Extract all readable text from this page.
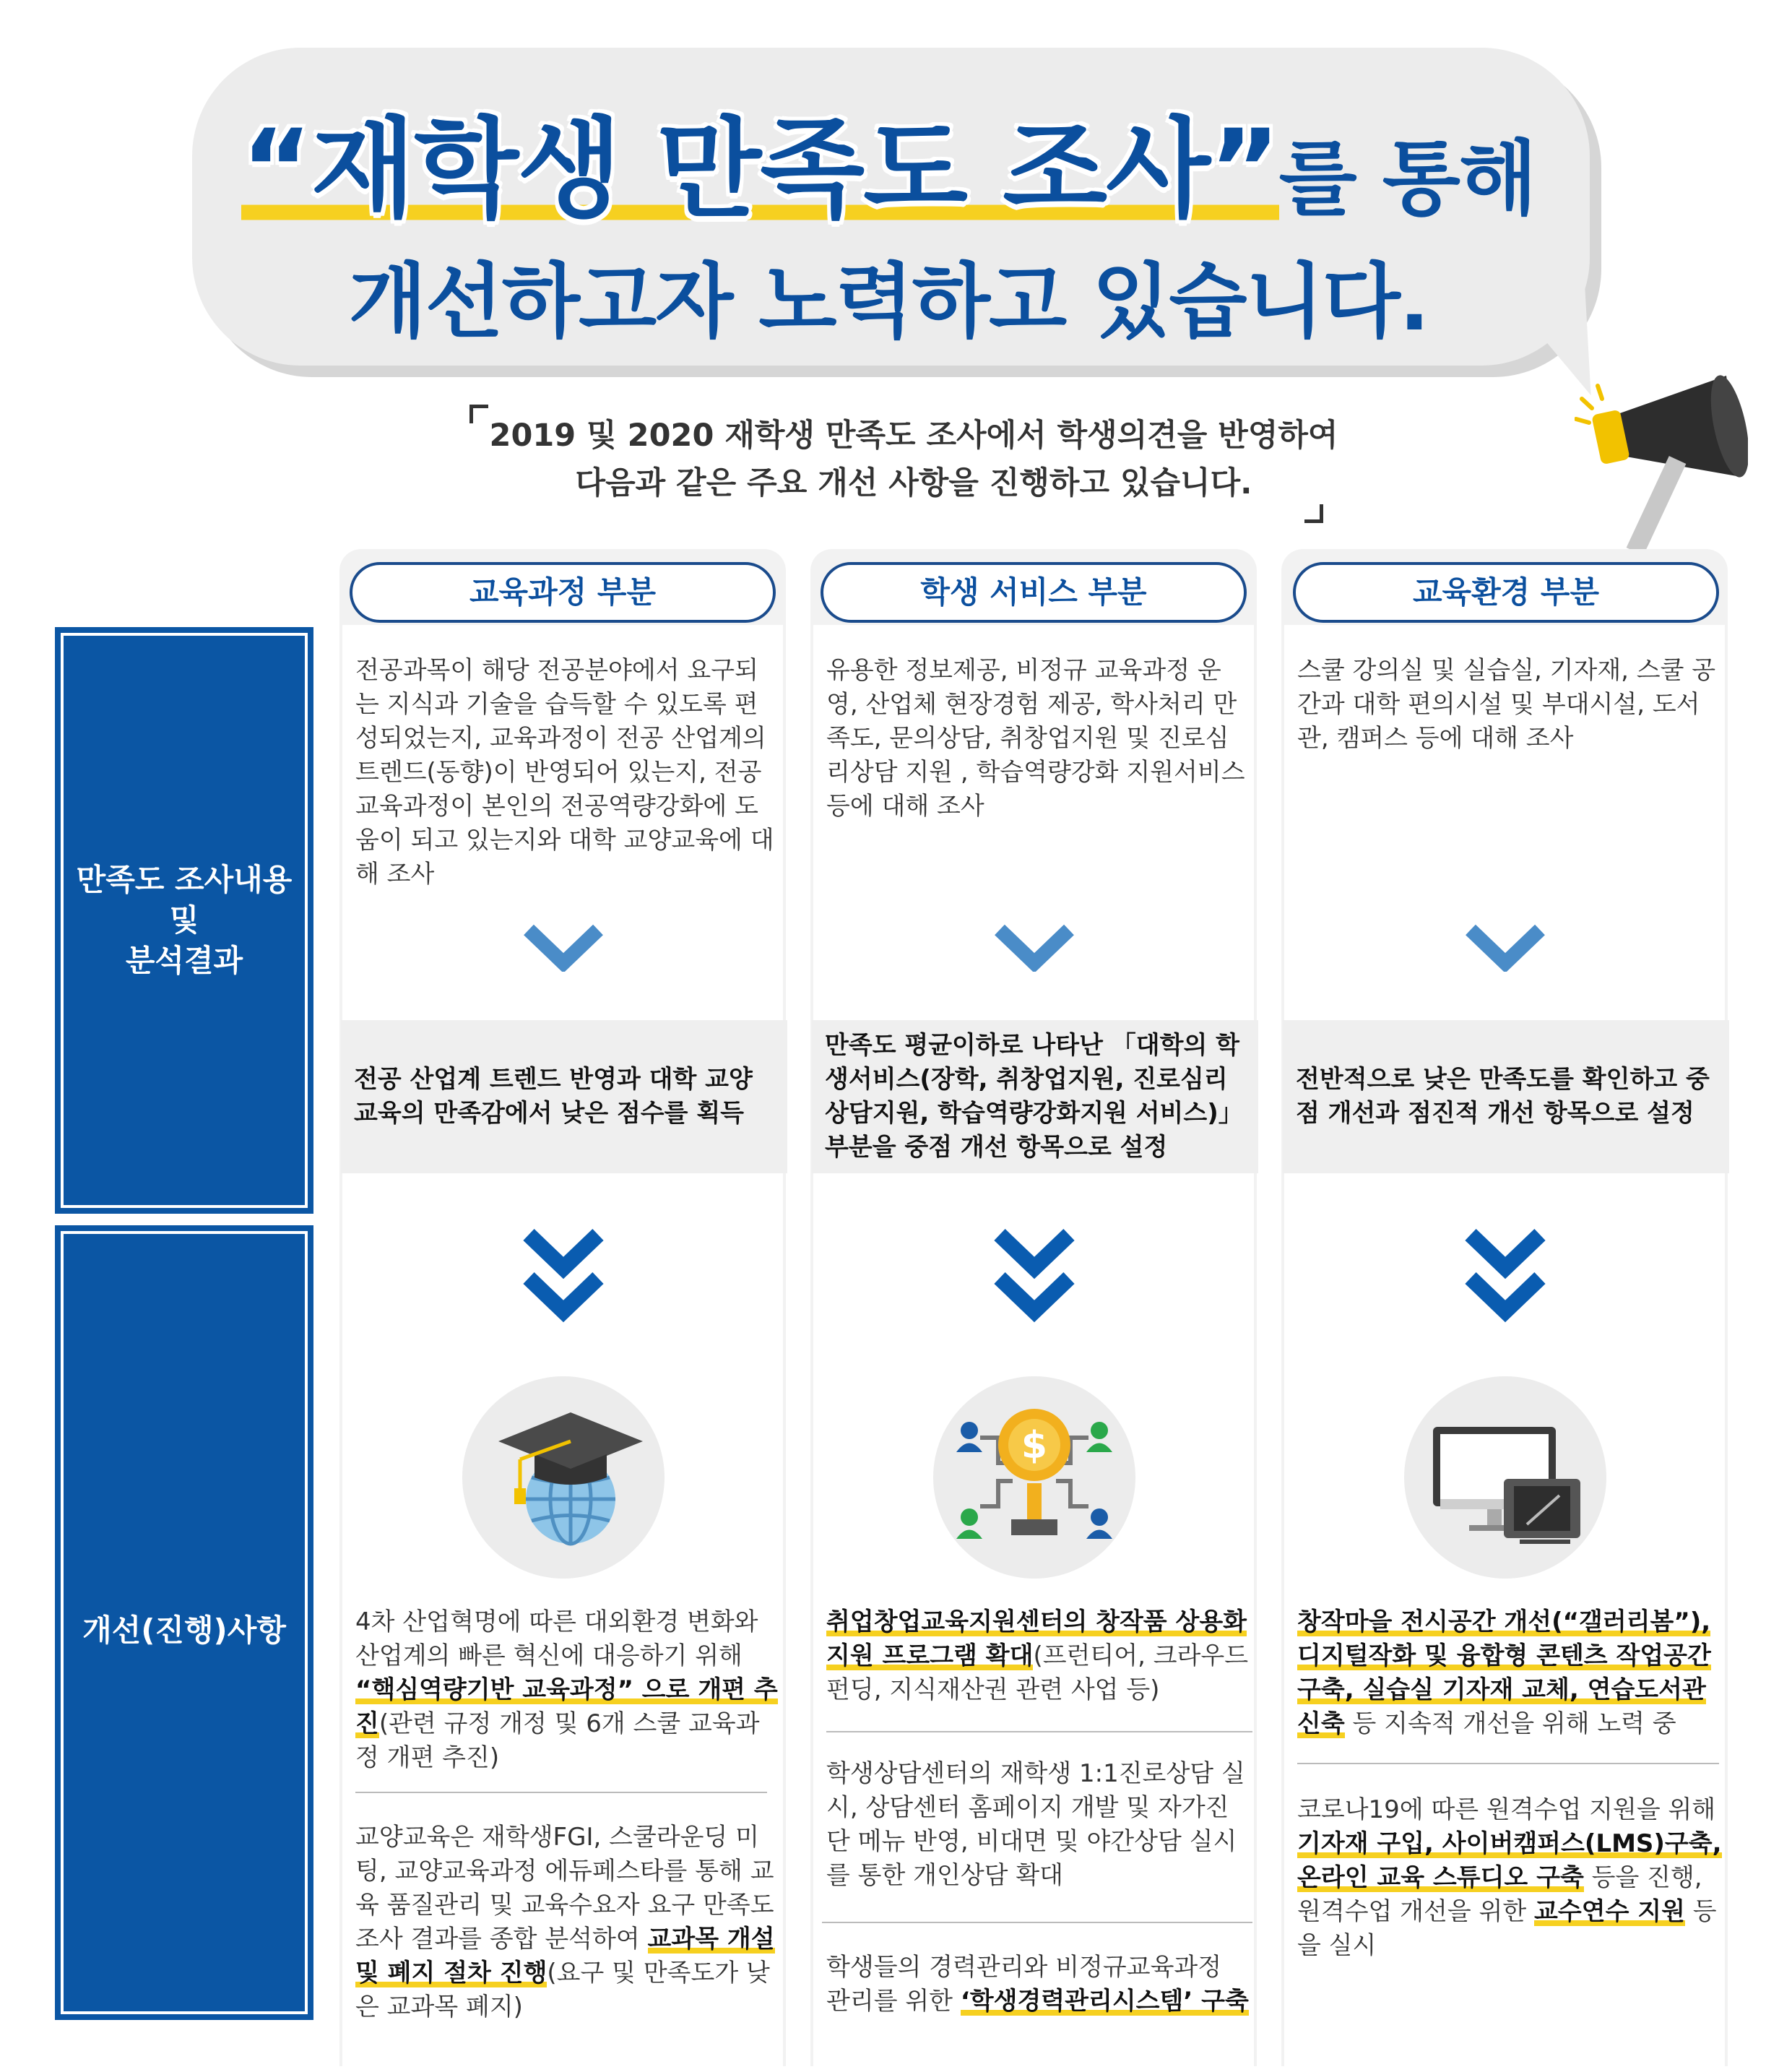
“재학생 만족도 조사”를 통해
개선하고자 노력하고 있습니다.
2019 및 2020 재학생 만족도 조사에서 학생의견을 반영하여
다음과 같은 주요 개선 사항을 진행하고 있습니다.
교육과정 부분	학생 서비스 부분	교육환경 부분
만족도 조사내용
및
분석결과
개선(진행)사항
전공과목이 해당 전공분야에서 요구되는 지식과 기술을 습득할 수 있도록 편성되었는지, 교육과정이 전공 산업계의 트렌드(동향)이 반영되어 있는지, 전공 교육과정이 본인의 전공역량강화에 도움이 되고 있는지와 대학 교양교육에 대해 조사
유용한 정보제공, 비정규 교육과정 운영, 산업체 현장경험 제공, 학사처리 만족도, 문의상담, 취창업지원 및 진로심리상담 지원 , 학습역량강화 지원서비스 등에 대해 조사
스쿨 강의실 및 실습실, 기자재, 스쿨 공간과 대학 편의시설 및 부대시설, 도서관, 캠퍼스 등에 대해 조사
전공 산업계 트렌드 반영과 대학 교양교육의 만족감에서 낮은 점수를 획득
만족도 평균이하로 나타난 「대학의 학생서비스(장학, 취창업지원, 진로심리상담지원, 학습역량강화지원 서비스)」부분을 중점 개선 항목으로 설정
전반적으로 낮은 만족도를 확인하고 중점 개선과 점진적 개선 항목으로 설정
$
4차 산업혁명에 따른 대외환경 변화와 산업계의 빠른 혁신에 대응하기 위해 “핵심역량기반 교육과정” 으로 개편 추진(관련 규정 개정 및 6개 스쿨 교육과정 개편 추진)
교양교육은 재학생FGI, 스쿨라운딩 미팅, 교양교육과정 에듀페스타를 통해 교육 품질관리 및 교육수요자 요구 만족도 조사 결과를 종합 분석하여 교과목 개설 및 폐지 절차 진행(요구 및 만족도가 낮은 교과목 폐지)
취업창업교육지원센터의 창작품 상용화 지원 프로그램 확대(프런티어, 크라우드펀딩, 지식재산권 관련 사업 등)
학생상담센터의 재학생 1:1진로상담 실시, 상담센터 홈페이지 개발 및 자가진단 메뉴 반영, 비대면 및 야간상담 실시를 통한 개인상담 확대
학생들의 경력관리와 비정규교육과정 관리를 위한 ‘학생경력관리시스템’ 구축
창작마을 전시공간 개선(“갤러리봄”), 디지털작화 및 융합형 콘텐츠 작업공간 구축, 실습실 기자재 교체, 연습도서관 신축 등 지속적 개선을 위해 노력 중
코로나19에 따른 원격수업 지원을 위해 기자재 구입, 사이버캠퍼스(LMS)구축, 온라인 교육 스튜디오 구축 등을 진행, 원격수업 개선을 위한 교수연수 지원 등을 실시
